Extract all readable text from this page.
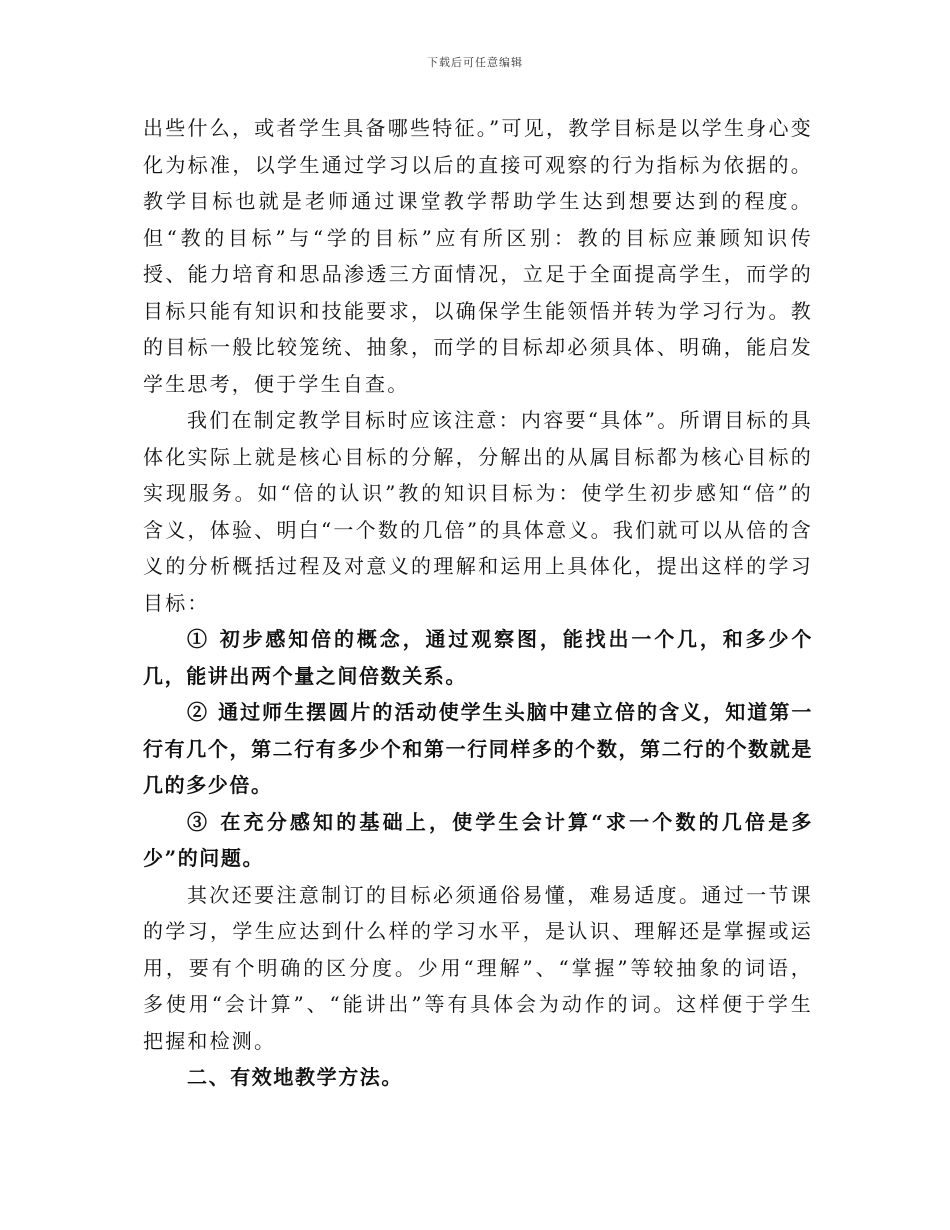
下载后可任意编辑

出些什么，或者学生具备哪些特征。”可见，教学目标是以学生身心变化为标准，以学生通过学习以后的直接可观察的行为指标为依据的。教学目标也就是老师通过课堂教学帮助学生达到想要达到的程度。但“教的目标”与“学的目标”应有所区别：教的目标应兼顾知识传授、能力培育和思品渗透三方面情况，立足于全面提高学生，而学的目标只能有知识和技能要求，以确保学生能领悟并转为学习行为。教的目标一般比较笼统、抽象，而学的目标却必须具体、明确，能启发学生思考，便于学生自查。

我们在制定教学目标时应该注意：内容要“具体”。所谓目标的具体化实际上就是核心目标的分解，分解出的从属目标都为核心目标的实现服务。如“倍的认识”教的知识目标为：使学生初步感知“倍”的含义，体验、明白“一个数的几倍”的具体意义。我们就可以从倍的含义的分析概括过程及对意义的理解和运用上具体化，提出这样的学习目标：

① 初步感知倍的概念，通过观察图，能找出一个几，和多少个几，能讲出两个量之间倍数关系。

② 通过师生摆圆片的活动使学生头脑中建立倍的含义，知道第一行有几个，第二行有多少个和第一行同样多的个数，第二行的个数就是几的多少倍。

③ 在充分感知的基础上，使学生会计算“求一个数的几倍是多少”的问题。

其次还要注意制订的目标必须通俗易懂，难易适度。通过一节课的学习，学生应达到什么样的学习水平，是认识、理解还是掌握或运用，要有个明确的区分度。少用“理解”、“掌握”等较抽象的词语，多使用“会计算”、“能讲出”等有具体会为动作的词。这样便于学生把握和检测。

二、有效地教学方法。
